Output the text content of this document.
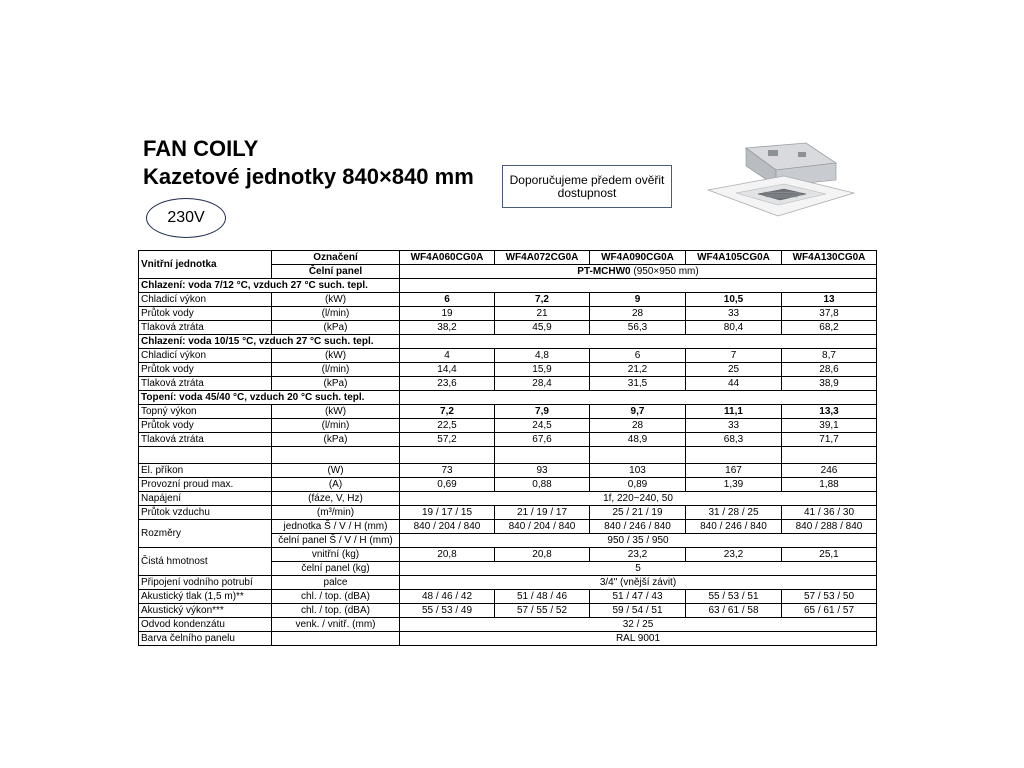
FAN COILY
Kazetové jednotky 840×840 mm
230V
Doporučujeme předem ověřit dostupnost
Vnitřní jednotka	Označení	WF4A060CG0A	WF4A072CG0A	WF4A090CG0A	WF4A105CG0A	WF4A130CG0A
	Čelní panel	PT-MCHW0 (950×950 mm)				
Chlazení: voda 7/12 °C, vzduch 27 °C such. tepl.						
Chladicí výkon	(kW)	6	7,2	9	10,5	13
Průtok vody	(l/min)	19	21	28	33	37,8
Tlaková ztráta	(kPa)	38,2	45,9	56,3	80,4	68,2
Chlazení: voda 10/15 °C, vzduch 27 °C such. tepl.						
Chladicí výkon	(kW)	4	4,8	6	7	8,7
Průtok vody	(l/min)	14,4	15,9	21,2	25	28,6
Tlaková ztráta	(kPa)	23,6	28,4	31,5	44	38,9
Topení: voda 45/40 °C, vzduch 20 °C such. tepl.						
Topný výkon	(kW)	7,2	7,9	9,7	11,1	13,3
Průtok vody	(l/min)	22,5	24,5	28	33	39,1
Tlaková ztráta	(kPa)	57,2	67,6	48,9	68,3	71,7

El. příkon	(W)	73	93	103	167	246
Provozní proud max.	(A)	0,69	0,88	0,89	1,39	1,88
Napájení	(fáze, V, Hz)	1f, 220~240, 50				
Průtok vzduchu	(m³/min)	19 / 17 / 15	21 / 19 / 17	25 / 21 / 19	31 / 28 / 25	41 / 36 / 30
Rozměry	jednotka Š / V / H (mm)	840 / 204 / 840	840 / 204 / 840	840 / 246 / 840	840 / 246 / 840	840 / 288 / 840
	čelní panel Š / V / H (mm)	950 / 35 / 950				
Čistá hmotnost	vnitřní (kg)	20,8	20,8	23,2	23,2	25,1
	čelní panel (kg)	5				
Připojení vodního potrubí	palce	3/4" (vnější závit)				
Akustický tlak (1,5 m)**	chl. / top. (dBA)	48 / 46 / 42	51 / 48 / 46	51 / 47 / 43	55 / 53 / 51	57 / 53 / 50
Akustický výkon***	chl. / top. (dBA)	55 / 53 / 49	57 / 55 / 52	59 / 54 / 51	63 / 61 / 58	65 / 61 / 57
Odvod kondenzátu	venk. / vnitř. (mm)	32 / 25				
Barva čelního panelu		RAL 9001				
